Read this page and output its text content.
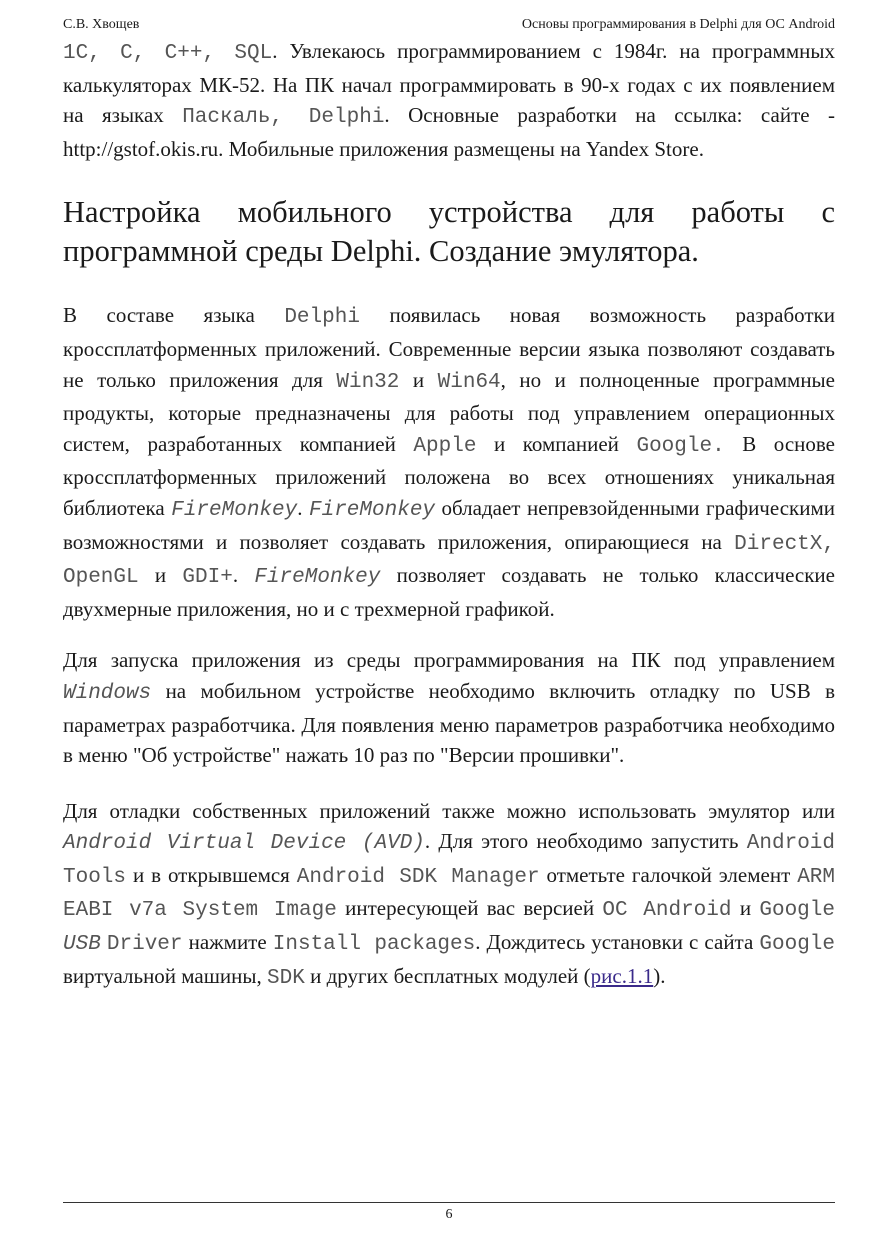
С.В. Хвощев	Основы программирования в Delphi для ОС Android

1C, C, C++, SQL. Увлекаюсь программированием с 1984г. на программных калькуляторах МК-52. На ПК начал программировать в 90-х годах с их появлением на языках Паскаль, Delphi. Основные разработки на ссылка: сайте - http://gstof.okis.ru. Мобильные приложения размещены на Yandex Store.

Настройка мобильного устройства для работы с программной среды Delphi. Создание эмулятора.

В составе языка Delphi появилась новая возможность разработки кроссплатформенных приложений. Современные версии языка позволяют создавать не только приложения для Win32 и Win64, но и полноценные программные продукты, которые предназначены для работы под управлением операционных систем, разработанных компанией Apple и компанией Google. В основе кроссплатформенных приложений положена во всех отношениях уникальная библиотека FireMonkey. FireMonkey обладает непревзойденными графическими возможностями и позволяет создавать приложения, опирающиеся на DirectX, OpenGL и GDI+. FireMonkey позволяет создавать не только классические двухмерные приложения, но и с трехмерной графикой.

Для запуска приложения из среды программирования на ПК под управлением Windows на мобильном устройстве необходимо включить отладку по USB в параметрах разработчика. Для появления меню параметров разработчика необходимо в меню "Об устройстве" нажать 10 раз по "Версии прошивки".

Для отладки собственных приложений также можно использовать эмулятор или Android Virtual Device (AVD). Для этого необходимо запустить Android Tools и в открывшемся Android SDK Manager отметьте галочкой элемент ARM EABI v7a System Image интересующей вас версией OC Android и Google USB Driver нажмите Install packages. Дождитесь установки с сайта Google виртуальной машины, SDK и других бесплатных модулей (рис.1.1).

6
